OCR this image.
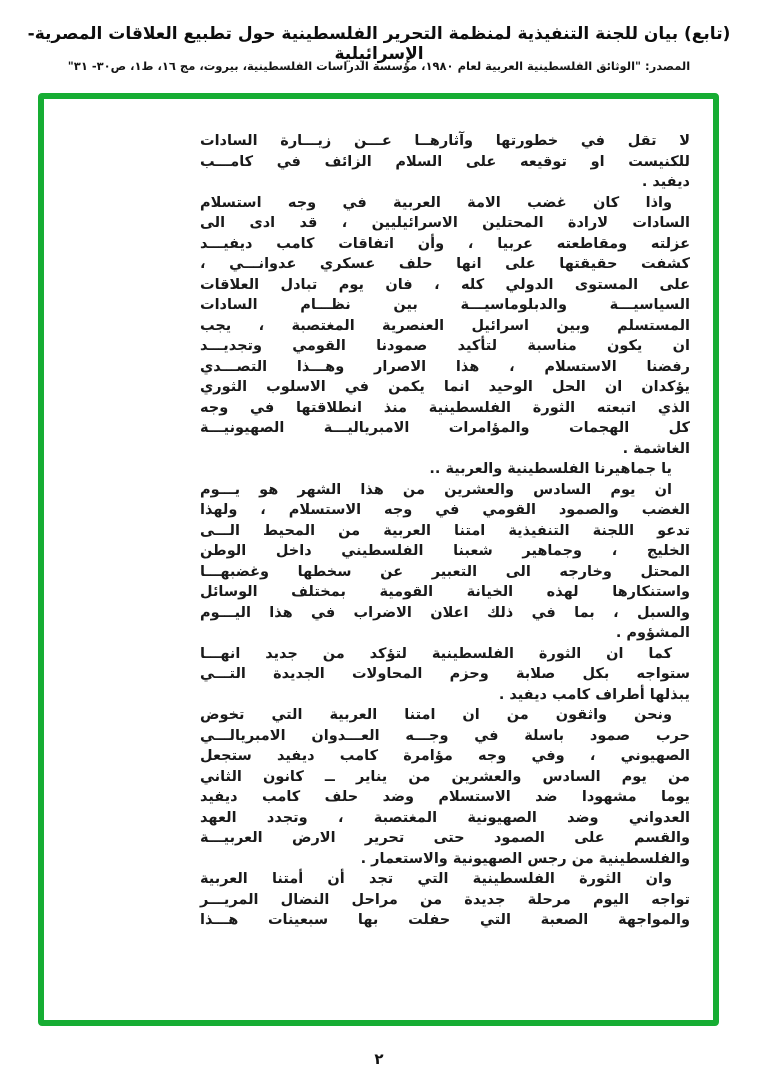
(تابع) بيان للجنة التنفيذية لمنظمة التحرير الفلسطينية حول تطبيع العلاقات المصرية- الإسرائيلية
المصدر: "الوثائق الفلسطينية العربية لعام ١٩٨٠، مؤسسة الدراسات الفلسطينية، بيروت، مج ١٦، ط١، ص٣٠- ٣١"
لا تقل في خطورتها وآثارهــا عـــن زيـــارة السادات
للكنيست او توقيعه على السلام الزائف في كامـــب
ديفيد .
واذا كان غضب الامة العربية في وجه استسلام
السادات لارادة المحتلين الاسرائيليين ، قد ادى الى
عزلته ومقاطعته عربيا ، وأن اتفاقات كامب ديفيـــد
كشفت حقيقتها على انها حلف عسكري عدوانـــي ،
على المستوى الدولي كله ، فان يوم تبادل العلاقات
السياسيـــة والدبلوماسيـــة بين نظـــام السادات
المستسلم وبين اسرائيل العنصرية المغتصبة ، يجب
ان يكون مناسبة لتأكيد صمودنا القومي وتجديـــد
رفضنا الاستسلام ، هذا الاصرار وهـــذا التصـــدي
يؤكدان ان الحل الوحيد انما يكمن في الاسلوب الثوري
الذي اتبعته الثورة الفلسطينية منذ انطلاقتها في وجه
كل الهجمات والمؤامرات الامبرياليـــة الصهيونيـــة
الغاشمة .
يا جماهيرنا الفلسطينية والعربية ..
ان يوم السادس والعشرين من هذا الشهر هو يـــوم
الغضب والصمود القومي في وجه الاستسلام ، ولهذا
تدعو اللجنة التنفيذية امتنا العربية من المحيط الـــى
الخليج ، وجماهير شعبنا الفلسطيني داخل الوطن
المحتل وخارجه الى التعبير عن سخطها وغضبهـــا
واستنكارها لهذه الخيانة القومية بمختلف الوسائل
والسبل ، بما في ذلك اعلان الاضراب في هذا اليـــوم
المشؤوم .
كما ان الثورة الفلسطينية لتؤكد من جديد انهـــا
ستواجه بكل صلابة وحزم المحاولات الجديدة التـــي
يبذلها أطراف كامب ديفيد .
ونحن واثقون من ان امتنا العربية التي تخوض
حرب صمود باسلة في وجـــه العـــدوان الامبريالـــي
الصهيوني ، وفي وجه مؤامرة كامب ديفيد ستجعل
من يوم السادس والعشرين من يناير ــ كانون الثاني
يوما مشهودا ضد الاستسلام وضد حلف كامب ديفيد
العدواني وضد الصهيونية المغتصبة ، وتجدد العهد
والقسم على الصمود حتى تحرير الارض العربيـــة
والفلسطينية من رجس الصهيونية والاستعمار .
وان الثورة الفلسطينية التي تجد أن أمتنا العربية
تواجه اليوم مرحلة جديدة من مراحل النضال المريـــر
والمواجهة الصعبة التي حفلت بها سبعينات هـــذا
٢
